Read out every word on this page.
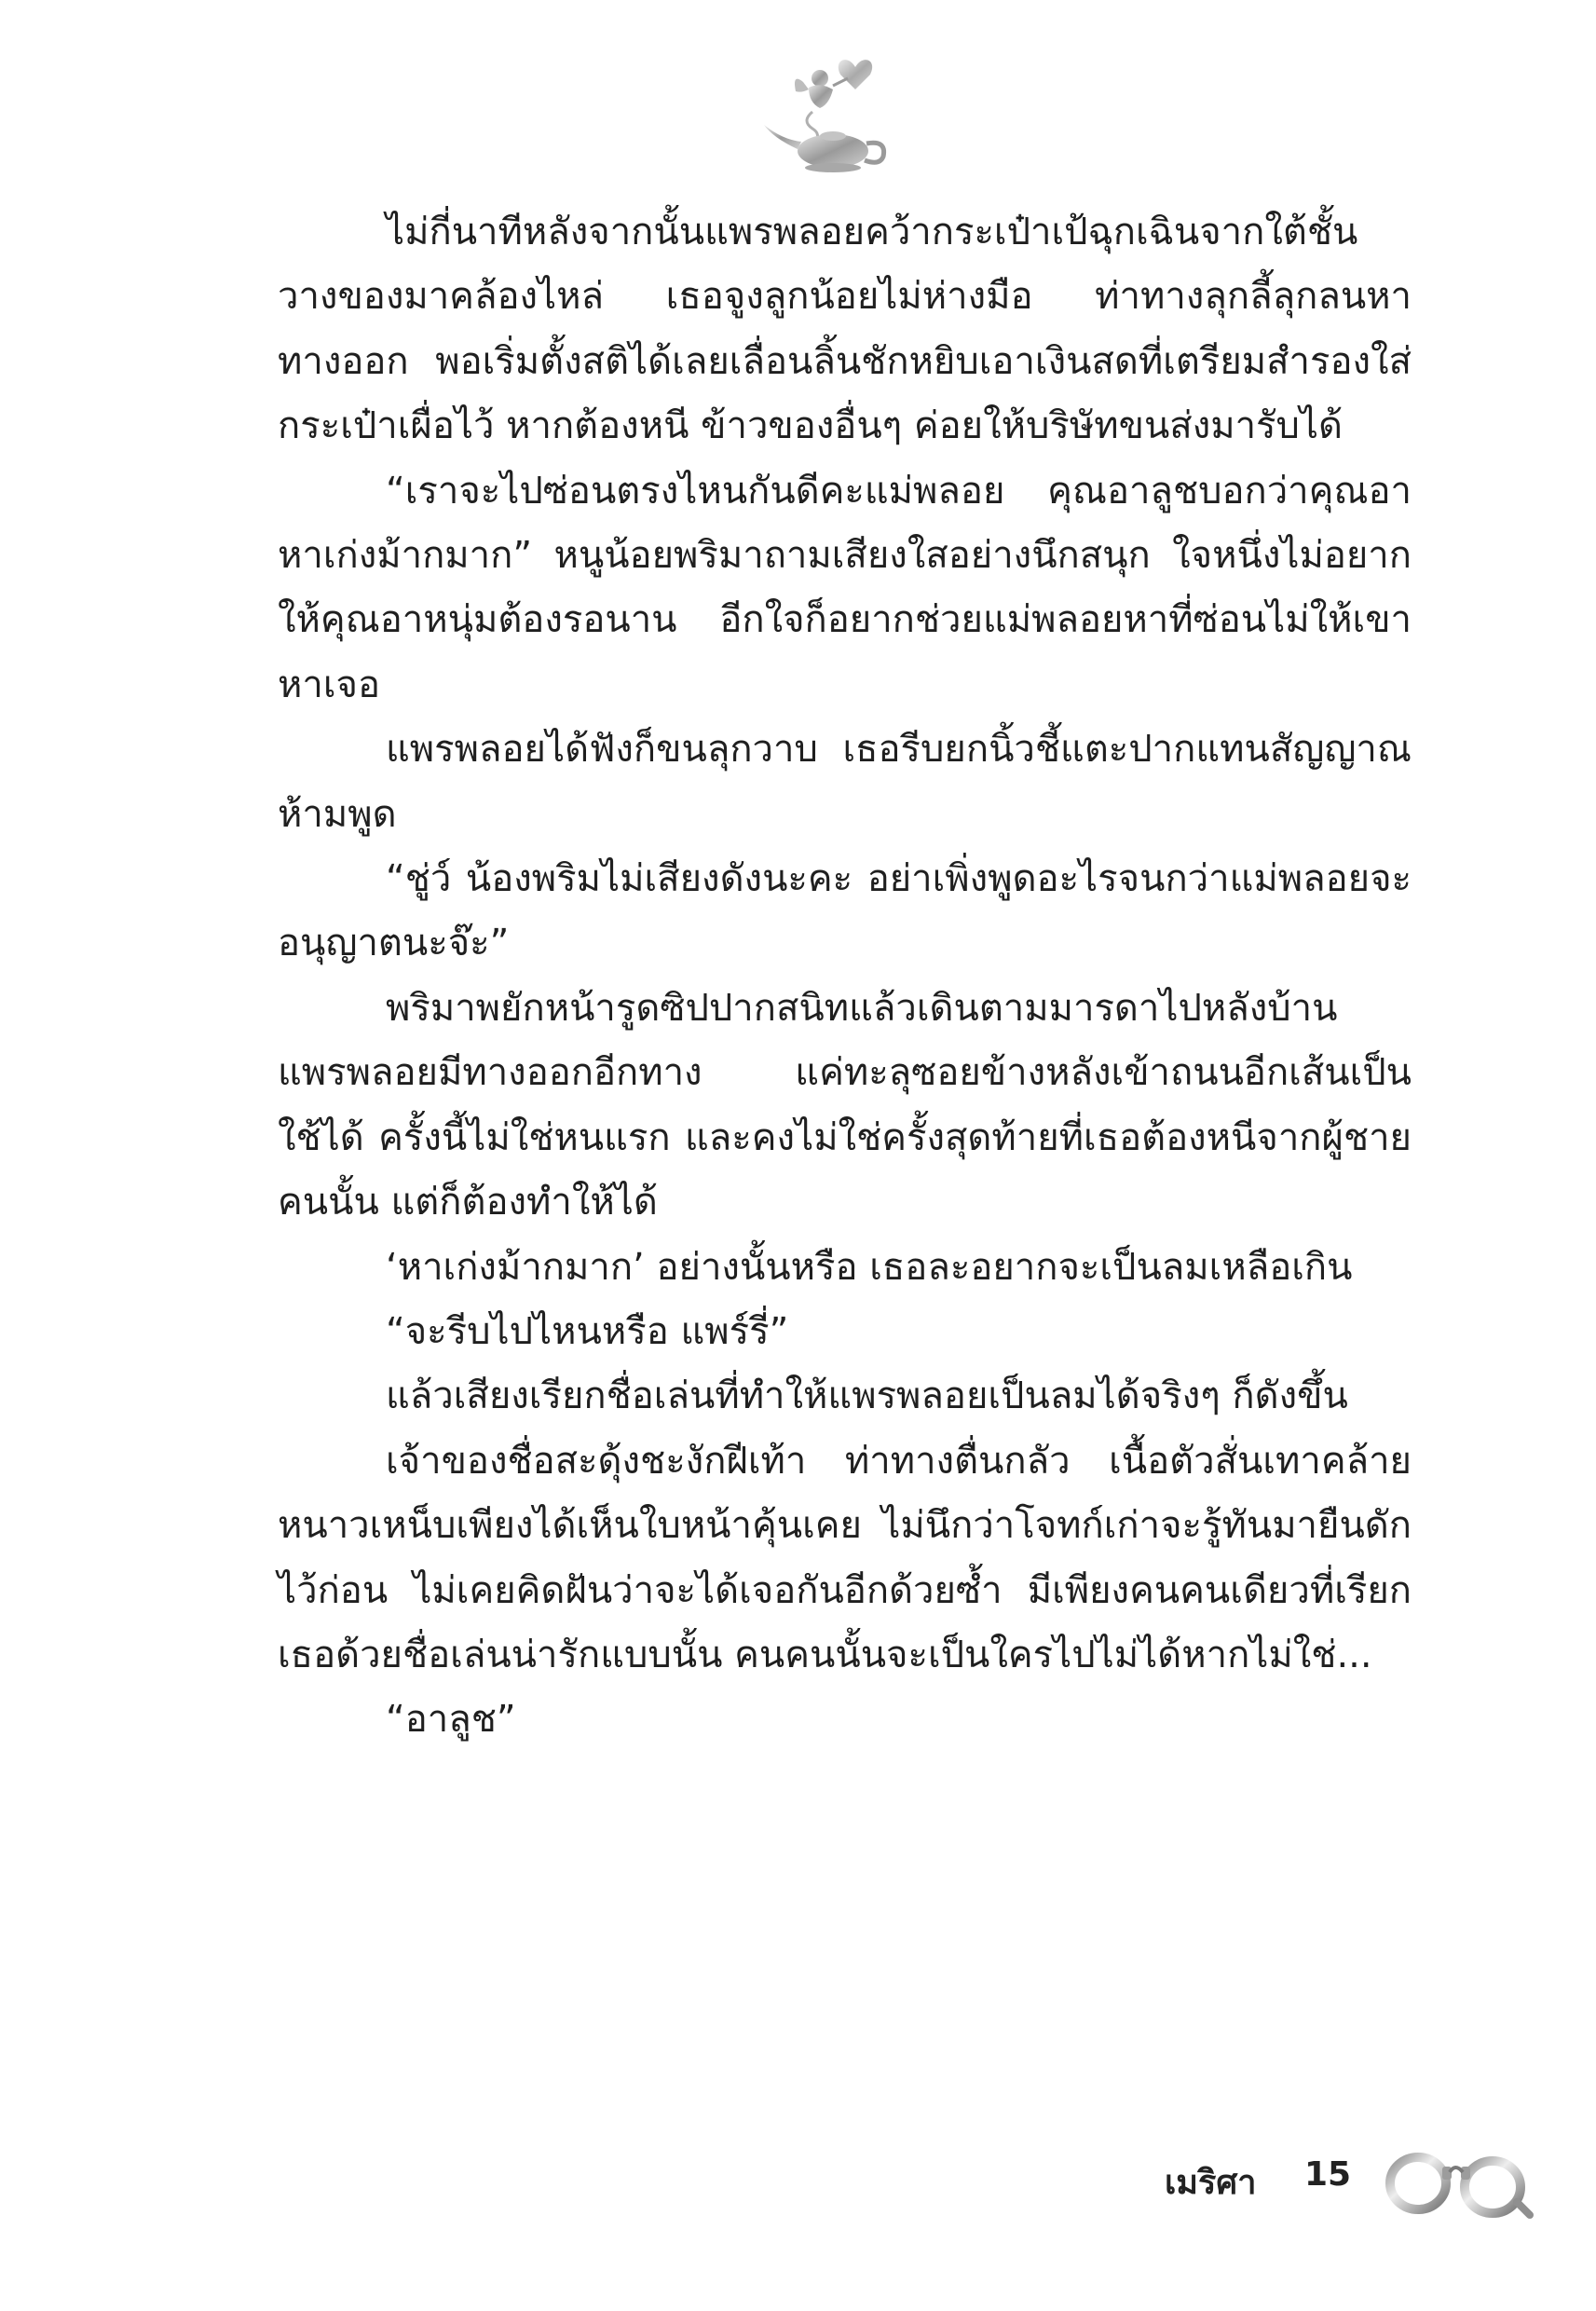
ไม่กี่นาทีหลังจากนั้นแพรพลอยคว้ากระเป๋าเป้ฉุกเฉินจากใต้ชั้นวางของมาคล้องไหล่ เธอจูงลูกน้อยไม่ห่างมือ ท่าทางลุกลี้ลุกลนหาทางออก พอเริ่มตั้งสติได้เลยเลื่อนลิ้นชักหยิบเอาเงินสดที่เตรียมสำรองใส่กระเป๋าเผื่อไว้ หากต้องหนี ข้าวของอื่นๆ ค่อยให้บริษัทขนส่งมารับได้

“เราจะไปซ่อนตรงไหนกันดีคะแม่พลอย คุณอาลูชบอกว่าคุณอาหาเก่งม้ากมาก” หนูน้อยพริมาถามเสียงใสอย่างนึกสนุก ใจหนึ่งไม่อยากให้คุณอาหนุ่มต้องรอนาน อีกใจก็อยากช่วยแม่พลอยหาที่ซ่อนไม่ให้เขาหาเจอ

แพรพลอยได้ฟังก็ขนลุกวาบ เธอรีบยกนิ้วชี้แตะปากแทนสัญญาณห้ามพูด

“ชู่ว์ น้องพริมไม่เสียงดังนะคะ อย่าเพิ่งพูดอะไรจนกว่าแม่พลอยจะอนุญาตนะจ๊ะ”

พริมาพยักหน้ารูดซิปปากสนิทแล้วเดินตามมารดาไปหลังบ้าน แพรพลอยมีทางออกอีกทาง แค่ทะลุซอยข้างหลังเข้าถนนอีกเส้นเป็นใช้ได้ ครั้งนี้ไม่ใช่หนแรก และคงไม่ใช่ครั้งสุดท้ายที่เธอต้องหนีจากผู้ชายคนนั้น แต่ก็ต้องทำให้ได้

‘หาเก่งม้ากมาก’ อย่างนั้นหรือ เธอละอยากจะเป็นลมเหลือเกิน

“จะรีบไปไหนหรือ แพร์รี่”

แล้วเสียงเรียกชื่อเล่นที่ทำให้แพรพลอยเป็นลมได้จริงๆ ก็ดังขึ้น

เจ้าของชื่อสะดุ้งชะงักฝีเท้า ท่าทางตื่นกลัว เนื้อตัวสั่นเทาคล้ายหนาวเหน็บเพียงได้เห็นใบหน้าคุ้นเคย ไม่นึกว่าโจทก์เก่าจะรู้ทันมายืนดักไว้ก่อน ไม่เคยคิดฝันว่าจะได้เจอกันอีกด้วยซ้ำ มีเพียงคนคนเดียวที่เรียกเธอด้วยชื่อเล่นน่ารักแบบนั้น คนคนนั้นจะเป็นใครไปไม่ได้หากไม่ใช่...

“อาลูช”

เมริศา 15
